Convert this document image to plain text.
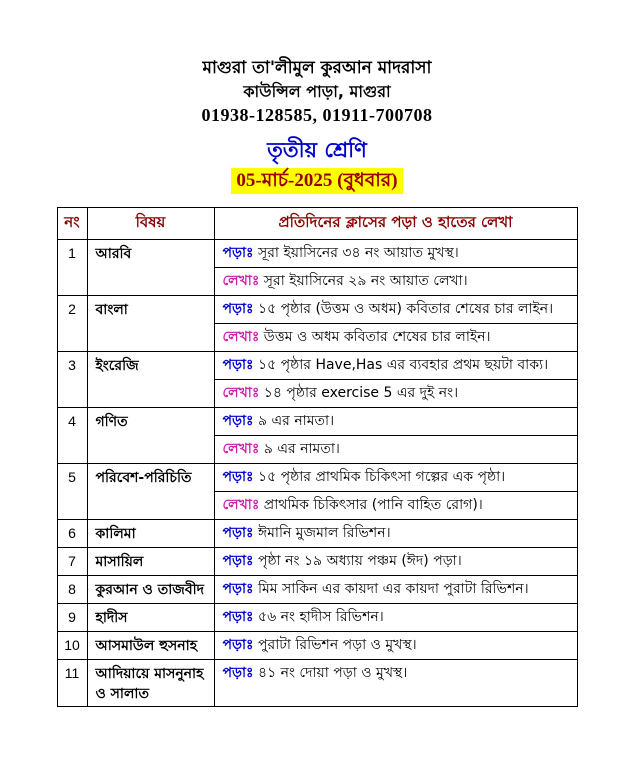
মাগুরা তা'লীমুল কুরআন মাদরাসা
কাউন্সিল পাড়া, মাগুরা
01938-128585, 01911-700708
তৃতীয় শ্রেণি
05-মার্চ-2025 (বুধবার)
নং	বিষয়	প্রতিদিনের ক্লাসের পড়া ও হাতের লেখা
1	আরবি	পড়াঃ সূরা ইয়াসিনের ৩৪ নং আয়াত মুখস্থ।
		লেখাঃ সূরা ইয়াসিনের ২৯ নং আয়াত লেখা।
2	বাংলা	পড়াঃ ১৫ পৃষ্ঠার (উত্তম ও অধম) কবিতার শেষের চার লাইন।
		লেখাঃ উত্তম ও অধম কবিতার শেষের চার লাইন।
3	ইংরেজি	পড়াঃ ১৫ পৃষ্ঠার Have,Has এর ব্যবহার প্রথম ছয়টা বাক্য।
		লেখাঃ ১৪ পৃষ্ঠার exercise 5 এর দুই নং।
4	গণিত	পড়াঃ ৯ এর নামতা।
		লেখাঃ ৯ এর নামতা।
5	পরিবেশ-পরিচিতি	পড়াঃ ১৫ পৃষ্ঠার প্রাথমিক চিকিৎসা গল্পের এক পৃষ্ঠা।
		লেখাঃ প্রাথমিক চিকিৎসার (পানি বাহিত রোগ)।
6	কালিমা	পড়াঃ ঈমানি মুজমাল রিভিশন।
7	মাসায়িল	পড়াঃ পৃষ্ঠা নং ১৯ অধ্যায় পঞ্চম (ঈদ) পড়া।
8	কুরআন ও তাজবীদ	পড়াঃ মিম সাকিন এর কায়দা এর কায়দা পুরাটা রিভিশন।
9	হাদীস	পড়াঃ ৫৬ নং হাদীস রিভিশন।
10	আসমাউল হুসনাহ	পড়াঃ পুরাটা রিভিশন পড়া ও মুখস্থ।
11	আদিয়ায়ে মাসনুনাহ ও সালাত	পড়াঃ ৪১ নং দোয়া পড়া ও মুখস্থ।
